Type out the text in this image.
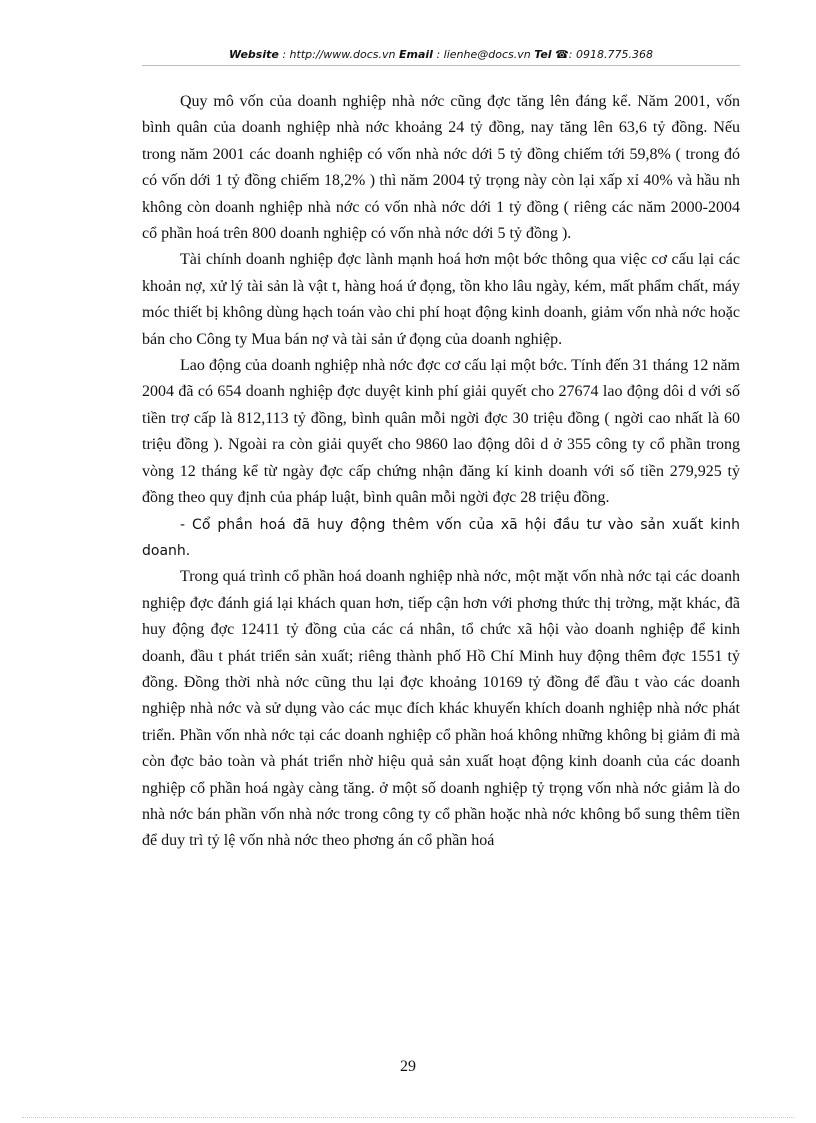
Website : http://www.docs.vn Email : lienhe@docs.vn Tel ☎: 0918.775.368

Quy mô vốn của doanh nghiệp nhà nớc cũng đợc tăng lên đáng kể. Năm 2001, vốn bình quân của doanh nghiệp nhà nớc khoảng 24 tỷ đồng, nay tăng lên 63,6 tỷ đồng. Nếu trong năm 2001 các doanh nghiệp có vốn nhà nớc dới 5 tỷ đồng chiếm tới 59,8% ( trong đó có vốn dới 1 tỷ đồng chiếm 18,2% ) thì năm 2004 tỷ trọng này còn lại xấp xỉ 40% và hầu nh không còn doanh nghiệp nhà nớc có vốn nhà nớc dới 1 tỷ đồng ( riêng các năm 2000-2004 cổ phần hoá trên 800 doanh nghiệp có vốn nhà nớc dới 5 tỷ đồng ).

Tài chính doanh nghiệp đợc lành mạnh hoá hơn một bớc thông qua việc cơ cấu lại các khoản nợ, xử lý tài sản là vật t, hàng hoá ứ đọng, tồn kho lâu ngày, kém, mất phẩm chất, máy móc thiết bị không dùng hạch toán vào chi phí hoạt động kinh doanh, giảm vốn nhà nớc hoặc bán cho Công ty Mua bán nợ và tài sản ứ đọng của doanh nghiệp.

Lao động của doanh nghiệp nhà nớc đợc cơ cấu lại một bớc. Tính đến 31 tháng 12 năm 2004 đã có 654 doanh nghiệp đợc duyệt kinh phí giải quyết cho 27674 lao động dôi d với số tiền trợ cấp là 812,113 tỷ đồng, bình quân mỗi ngời đợc 30 triệu đồng ( ngời cao nhất là 60 triệu đồng ). Ngoài ra còn giải quyết cho 9860 lao động dôi d ở 355 công ty cổ phần trong vòng 12 tháng kể từ ngày đợc cấp chứng nhận đăng kí kinh doanh với số tiền 279,925 tỷ đồng theo quy định của pháp luật, bình quân mỗi ngời đợc 28 triệu đồng.

- Cổ phần hoá đã huy động thêm vốn của xã hội đầu tư vào sản xuất kinh doanh.

Trong quá trình cổ phần hoá doanh nghiệp nhà nớc, một mặt vốn nhà nớc tại các doanh nghiệp đợc đánh giá lại khách quan hơn, tiếp cận hơn với phơng thức thị trờng, mặt khác, đã huy động đợc 12411 tỷ đồng của các cá nhân, tổ chức xã hội vào doanh nghiệp để kinh doanh, đầu t phát triển sản xuất; riêng thành phố Hồ Chí Minh huy động thêm đợc 1551 tỷ đồng. Đồng thời nhà nớc cũng thu lại đợc khoảng 10169 tỷ đồng để đầu t vào các doanh nghiệp nhà nớc và sử dụng vào các mục đích khác khuyến khích doanh nghiệp nhà nớc phát triển. Phần vốn nhà nớc tại các doanh nghiệp cổ phần hoá không những không bị giảm đi mà còn đợc bảo toàn và phát triển nhờ hiệu quả sản xuất hoạt động kinh doanh của các doanh nghiệp cổ phần hoá ngày càng tăng. ở một số doanh nghiệp tỷ trọng vốn nhà nớc giảm là do nhà nớc bán phần vốn nhà nớc trong công ty cổ phần hoặc nhà nớc không bổ sung thêm tiền để duy trì tỷ lệ vốn nhà nớc theo phơng án cổ phần hoá

29
